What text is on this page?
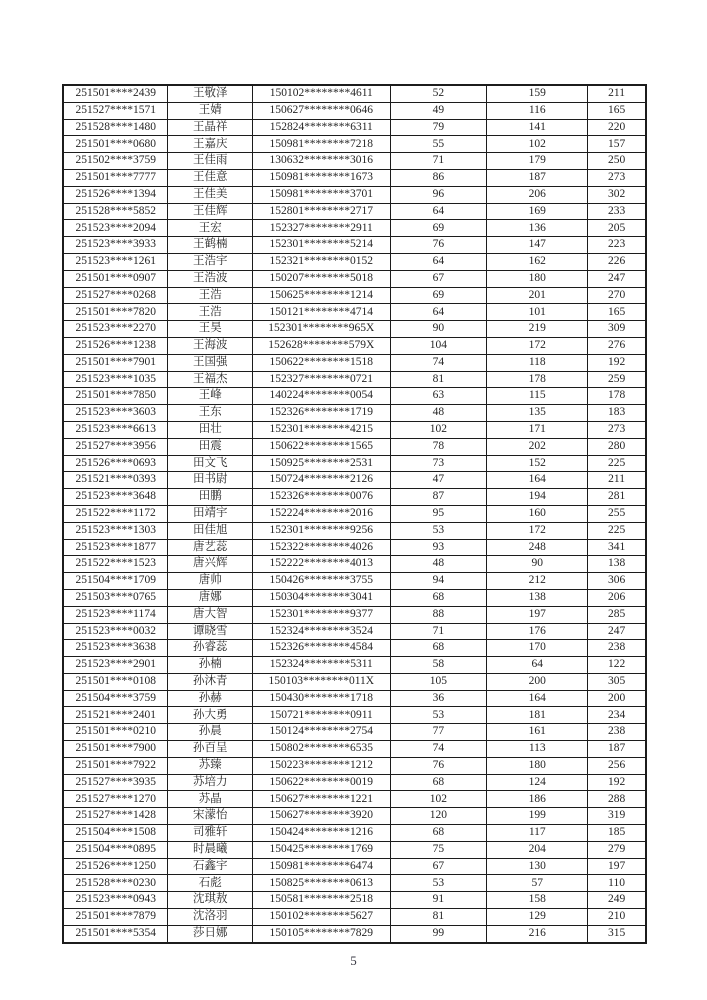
251501****2439	王敬泽	150102********4611	52	159	211
251527****1571	王婧	150627********0646	49	116	165
251528****1480	王晶祥	152824********6311	79	141	220
251501****0680	王嘉庆	150981********7218	55	102	157
251502****3759	王佳雨	130632********3016	71	179	250
251501****7777	王佳意	150981********1673	86	187	273
251526****1394	王佳美	150981********3701	96	206	302
251528****5852	王佳辉	152801********2717	64	169	233
251523****2094	王宏	152327********2911	69	136	205
251523****3933	王鹤楠	152301********5214	76	147	223
251523****1261	王浩宇	152321********0152	64	162	226
251501****0907	王浩波	150207********5018	67	180	247
251527****0268	王浩	150625********1214	69	201	270
251501****7820	王浩	150121********4714	64	101	165
251523****2270	王昊	152301********965X	90	219	309
251526****1238	王海波	152628********579X	104	172	276
251501****7901	王国强	150622********1518	74	118	192
251523****1035	王福杰	152327********0721	81	178	259
251501****7850	王峰	140224********0054	63	115	178
251523****3603	王东	152326********1719	48	135	183
251523****6613	田壮	152301********4215	102	171	273
251527****3956	田震	150622********1565	78	202	280
251526****0693	田文飞	150925********2531	73	152	225
251521****0393	田书尉	150724********2126	47	164	211
251523****3648	田鹏	152326********0076	87	194	281
251522****1172	田靖宇	152224********2016	95	160	255
251523****1303	田佳旭	152301********9256	53	172	225
251523****1877	唐艺蕊	152322********4026	93	248	341
251522****1523	唐兴辉	152222********4013	48	90	138
251504****1709	唐帅	150426********3755	94	212	306
251503****0765	唐娜	150304********3041	68	138	206
251523****1174	唐大智	152301********9377	88	197	285
251523****0032	谭晓雪	152324********3524	71	176	247
251523****3638	孙睿蕊	152326********4584	68	170	238
251523****2901	孙楠	152324********5311	58	64	122
251501****0108	孙沐青	150103********011X	105	200	305
251504****3759	孙赫	150430********1718	36	164	200
251521****2401	孙大勇	150721********0911	53	181	234
251501****0210	孙晨	150124********2754	77	161	238
251501****7900	孙百呈	150802********6535	74	113	187
251501****7922	苏臻	150223********1212	76	180	256
251527****3935	苏培力	150622********0019	68	124	192
251527****1270	苏晶	150627********1221	102	186	288
251527****1428	宋濛怡	150627********3920	120	199	319
251504****1508	司雅轩	150424********1216	68	117	185
251504****0895	时晨曦	150425********1769	75	204	279
251526****1250	石鑫宇	150981********6474	67	130	197
251528****0230	石彪	150825********0613	53	57	110
251523****0943	沈琪敖	150581********2518	91	158	249
251501****7879	沈洛羽	150102********5627	81	129	210
251501****5354	莎日娜	150105********7829	99	216	315
5
